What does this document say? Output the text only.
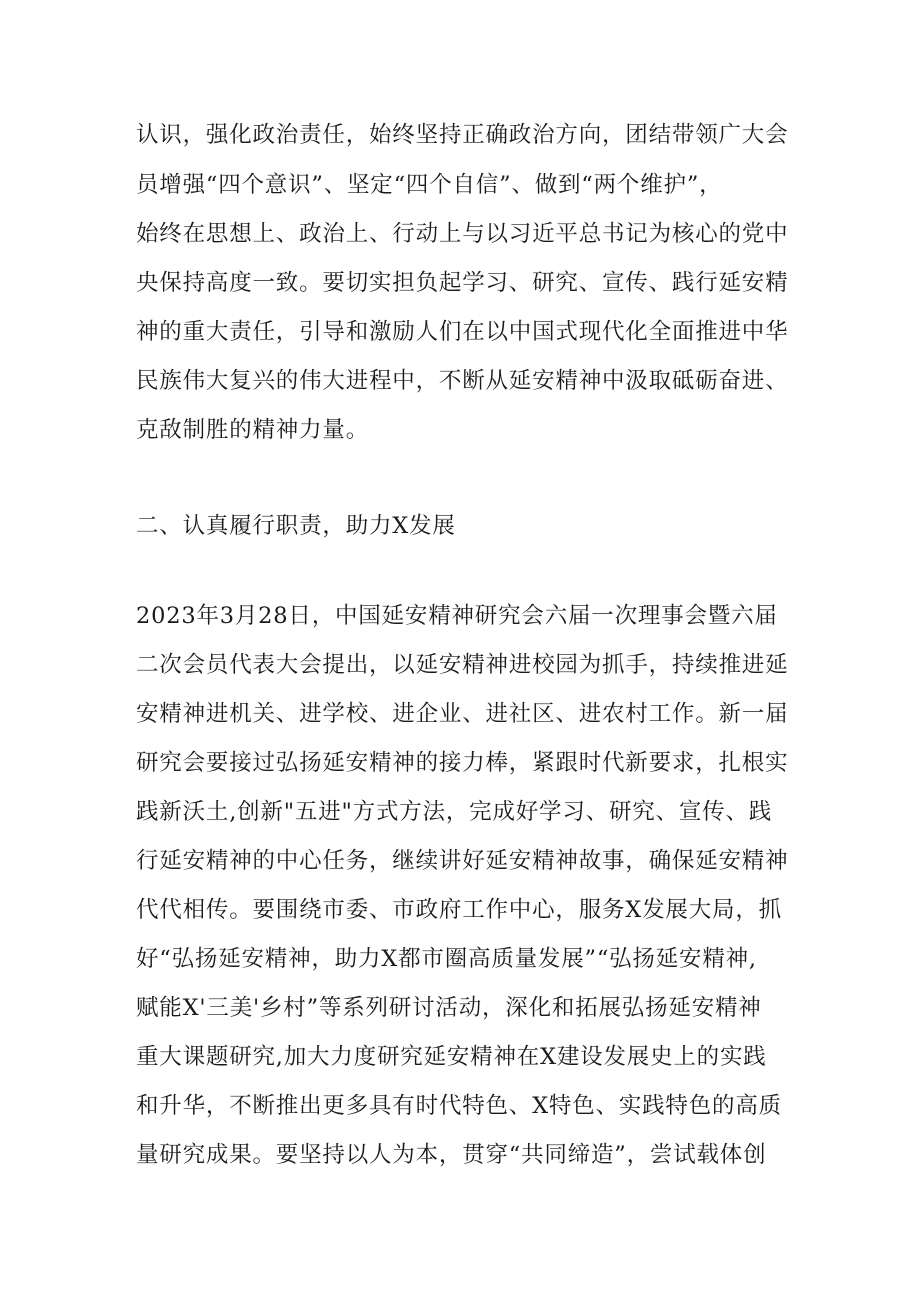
认识，强化政治责任，始终坚持正确政治方向，团结带领广大会
员增强“四个意识”、坚定“四个自信”、做到“两个维护”，
始终在思想上、政治上、行动上与以习近平总书记为核心的党中
央保持高度一致。要切实担负起学习、研究、宣传、践行延安精
神的重大责任，引导和激励人们在以中国式现代化全面推进中华
民族伟大复兴的伟大进程中，不断从延安精神中汲取砥砺奋进、
克敌制胜的精神力量。
二、认真履行职责，助力X发展
2023年3月28日，中国延安精神研究会六届一次理事会暨六届
二次会员代表大会提出，以延安精神进校园为抓手，持续推进延
安精神进机关、进学校、进企业、进社区、进农村工作。新一届
研究会要接过弘扬延安精神的接力棒，紧跟时代新要求，扎根实
践新沃土,创新"五进"方式方法，完成好学习、研究、宣传、践
行延安精神的中心任务，继续讲好延安精神故事，确保延安精神
代代相传。要围绕市委、市政府工作中心，服务X发展大局，抓
好“弘扬延安精神，助力X都市圈高质量发展”“弘扬延安精神,
赋能X'三美'乡村”等系列研讨活动，深化和拓展弘扬延安精神
重大课题研究,加大力度研究延安精神在X建设发展史上的实践
和升华，不断推出更多具有时代特色、X特色、实践特色的高质
量研究成果。要坚持以人为本，贯穿“共同缔造”，尝试载体创
